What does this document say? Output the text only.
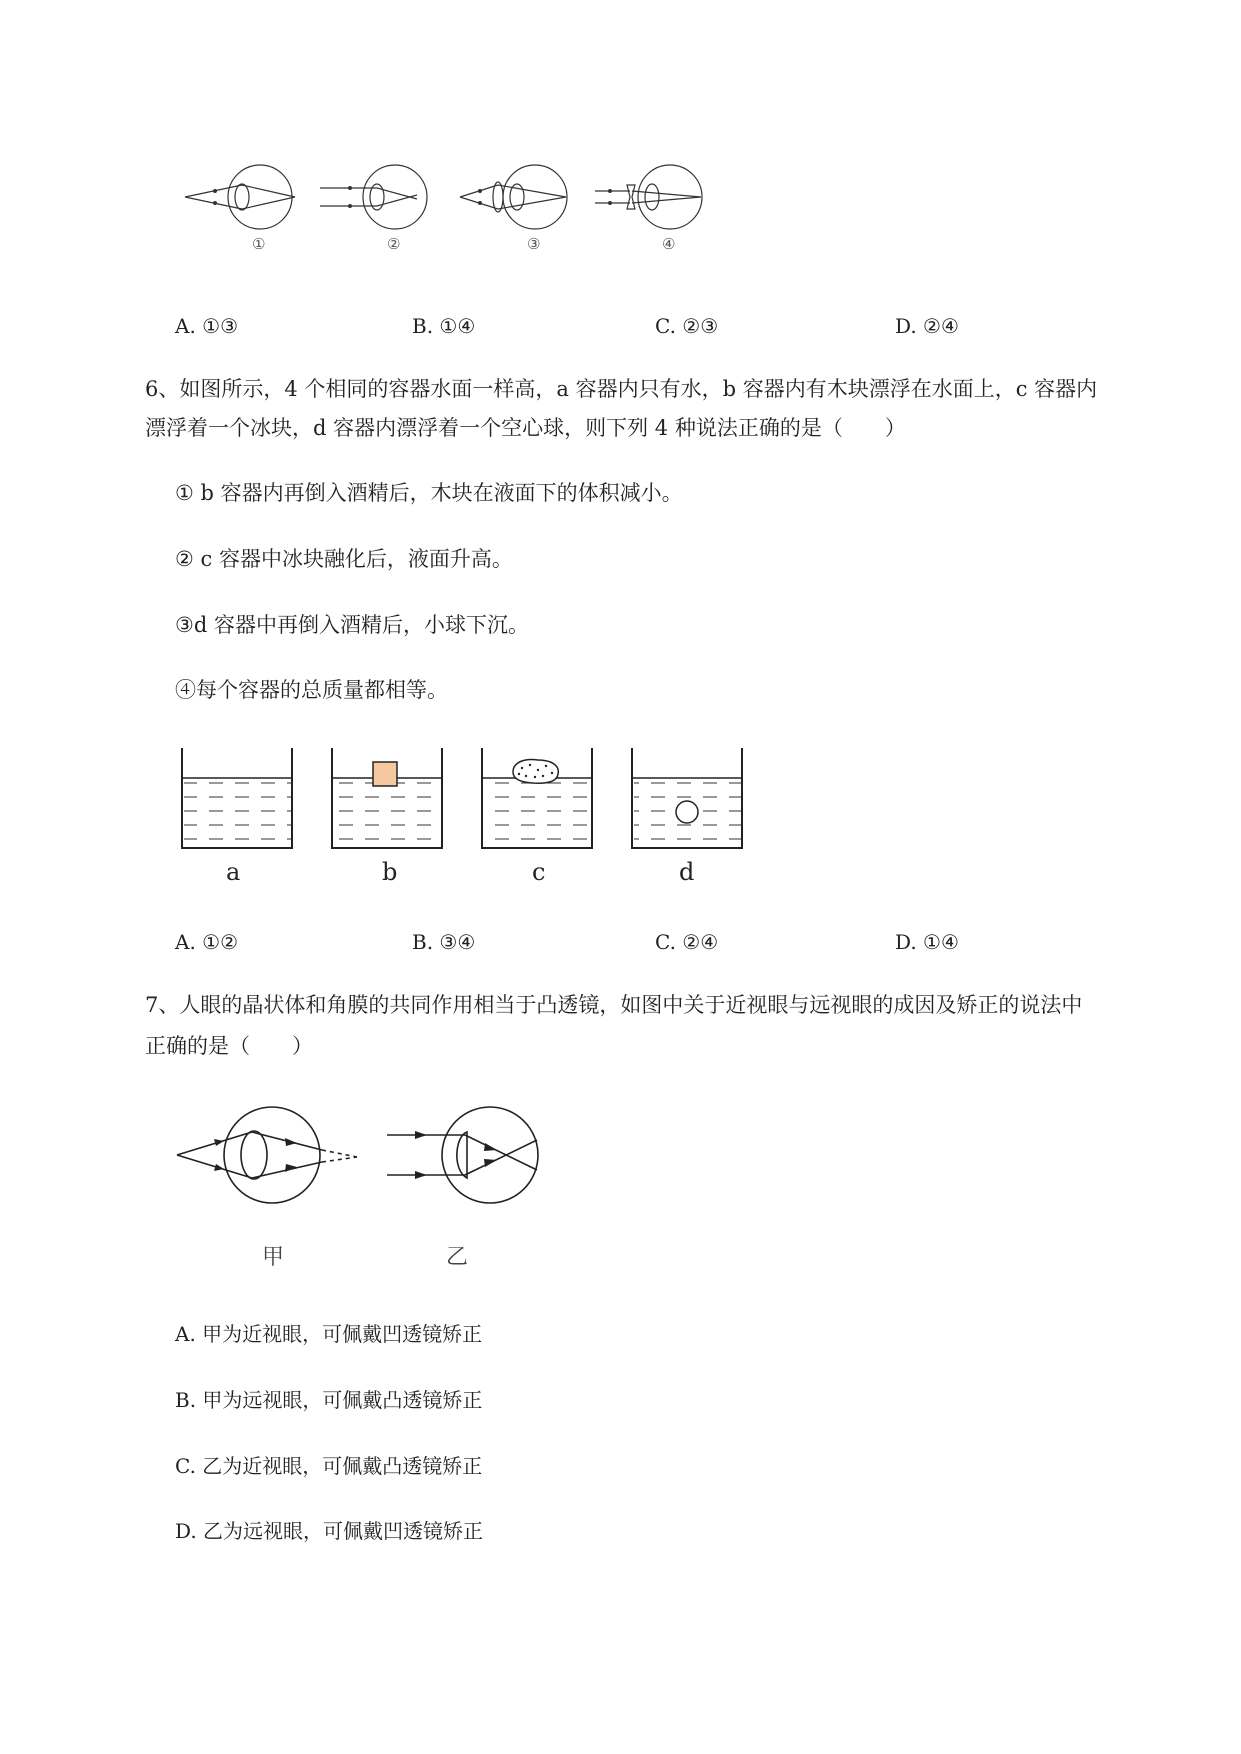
①	②	③	④
A. ①③	B. ①④	C. ②③	D. ②④
6、如图所示，4 个相同的容器水面一样高，a 容器内只有水，b 容器内有木块漂浮在水面上，c 容器内
漂浮着一个冰块，d 容器内漂浮着一个空心球，则下列 4 种说法正确的是（　　）
① b 容器内再倒入酒精后，木块在液面下的体积减小。
② c 容器中冰块融化后，液面升高。
③d 容器中再倒入酒精后，小球下沉。
④每个容器的总质量都相等。
a	b	c	d
A. ①②	B. ③④	C. ②④	D. ①④
7、人眼的晶状体和角膜的共同作用相当于凸透镜，如图中关于近视眼与远视眼的成因及矫正的说法中
正确的是（　　）
甲	乙
A. 甲为近视眼，可佩戴凹透镜矫正
B. 甲为远视眼，可佩戴凸透镜矫正
C. 乙为近视眼，可佩戴凸透镜矫正
D. 乙为远视眼，可佩戴凹透镜矫正
